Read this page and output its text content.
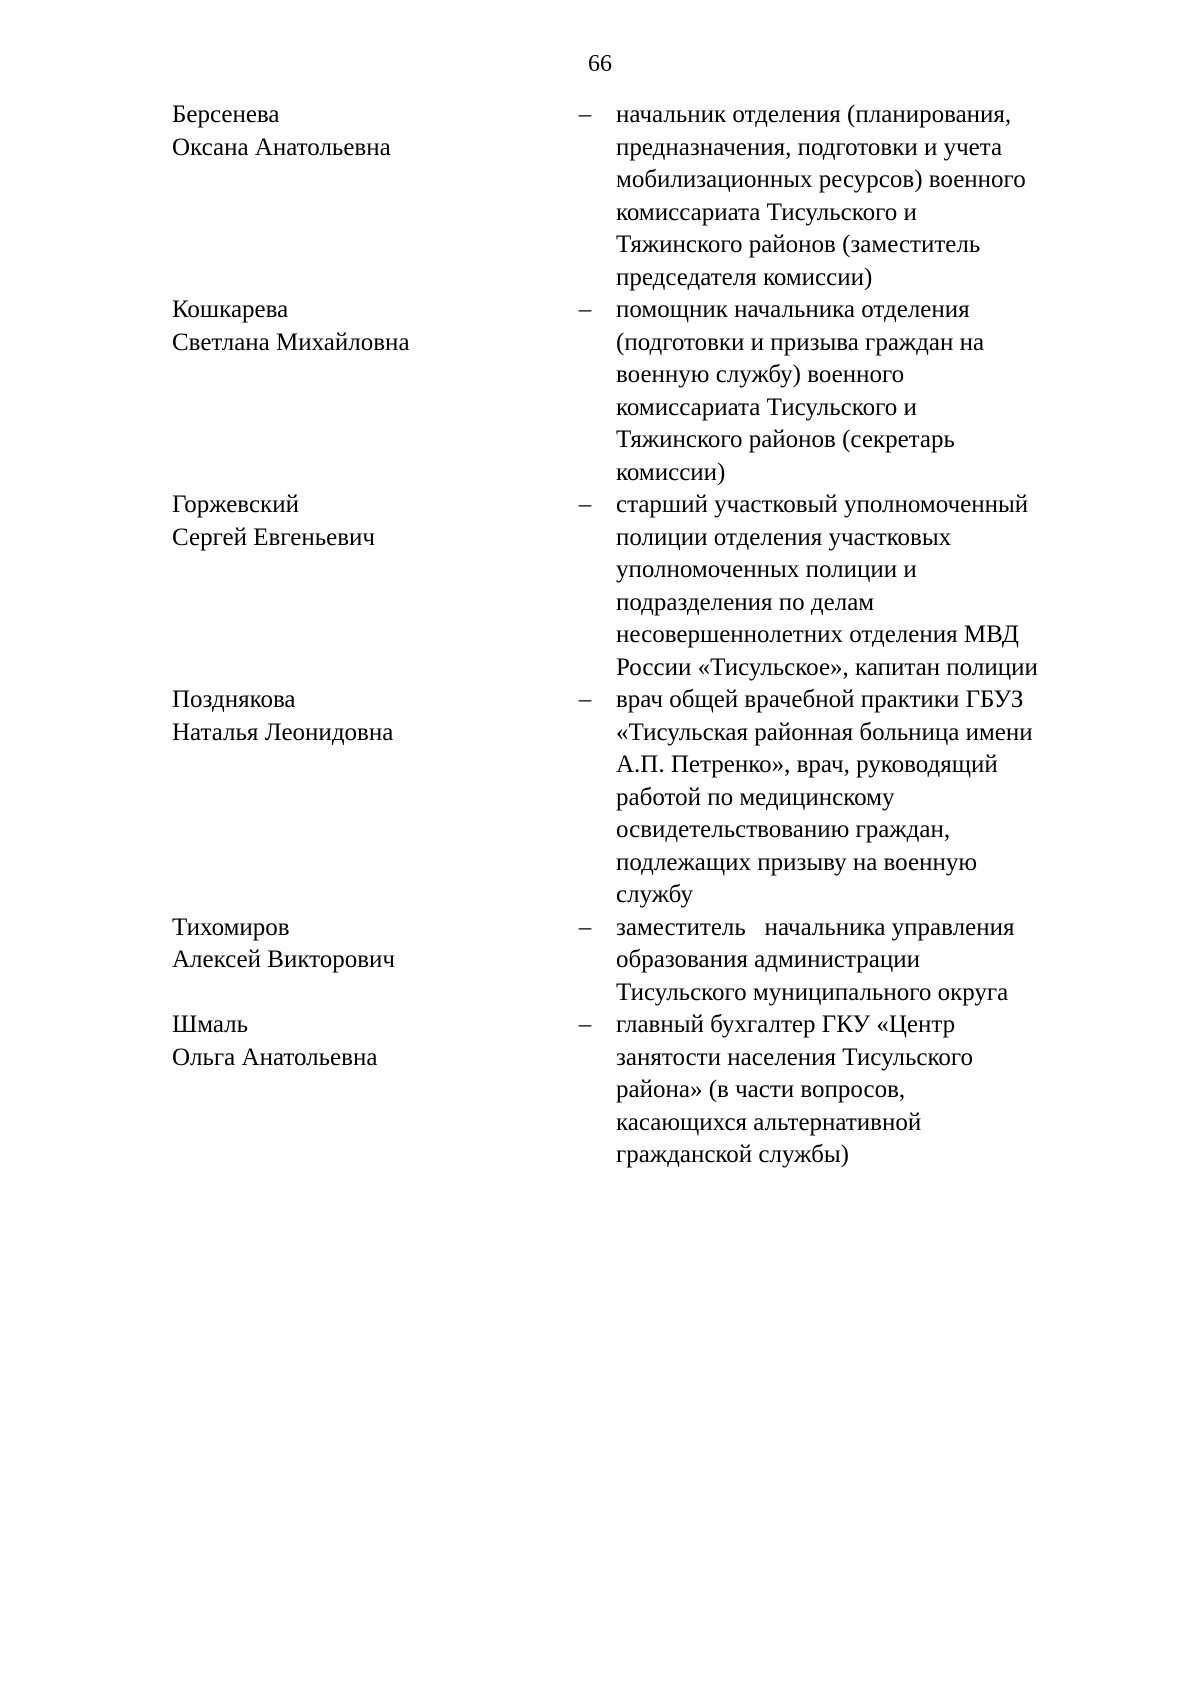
66
Берсенева
Оксана Анатольевна
– начальник отделения (планирования,
предназначения, подготовки и учета
мобилизационных ресурсов) военного
комиссариата Тисульского и
Тяжинского районов (заместитель
председателя комиссии)
Кошкарева
Светлана Михайловна
– помощник начальника отделения
(подготовки и призыва граждан на
военную службу) военного
комиссариата Тисульского и
Тяжинского районов (секретарь
комиссии)
Горжевский
Сергей Евгеньевич
– старший участковый уполномоченный
полиции отделения участковых
уполномоченных полиции и
подразделения по делам
несовершеннолетних отделения МВД
России «Тисульское», капитан полиции
Позднякова
Наталья Леонидовна
– врач общей врачебной практики ГБУЗ
«Тисульская районная больница имени
А.П. Петренко», врач, руководящий
работой по медицинскому
освидетельствованию граждан,
подлежащих призыву на военную
службу
Тихомиров
Алексей Викторович
– заместитель   начальника управления
образования администрации
Тисульского муниципального округа
Шмаль
Ольга Анатольевна
– главный бухгалтер ГКУ «Центр
занятости населения Тисульского
района» (в части вопросов,
касающихся альтернативной
гражданской службы)
